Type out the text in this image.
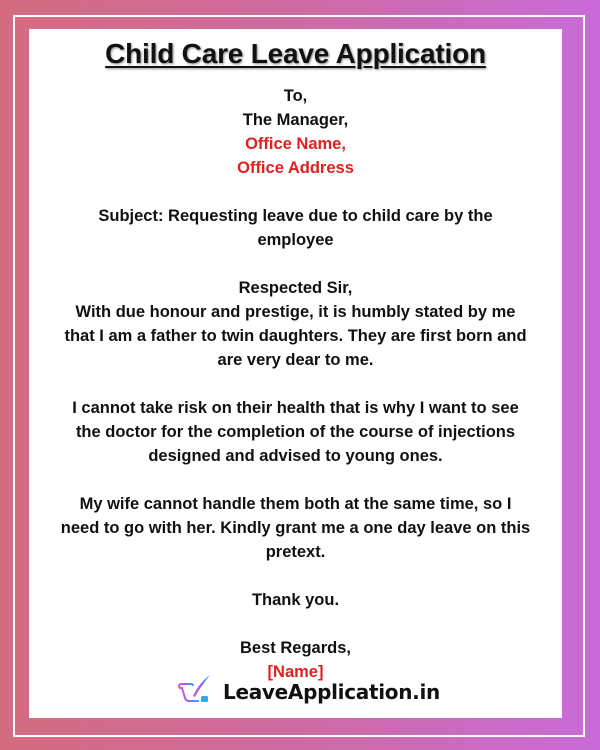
Child Care Leave Application

To,

The Manager,

Office Name,

Office Address

Subject: Requesting leave due to child care by the

employee

Respected Sir,

With due honour and prestige, it is humbly stated by me

that I am a father to twin daughters. They are first born and

are very dear to me.

I cannot take risk on their health that is why I want to see

the doctor for the completion of the course of injections

designed and advised to young ones.

My wife cannot handle them both at the same time, so I

need to go with her. Kindly grant me a one day leave on this

pretext.

Thank you.

Best Regards,

[Name]

LeaveApplication.in
